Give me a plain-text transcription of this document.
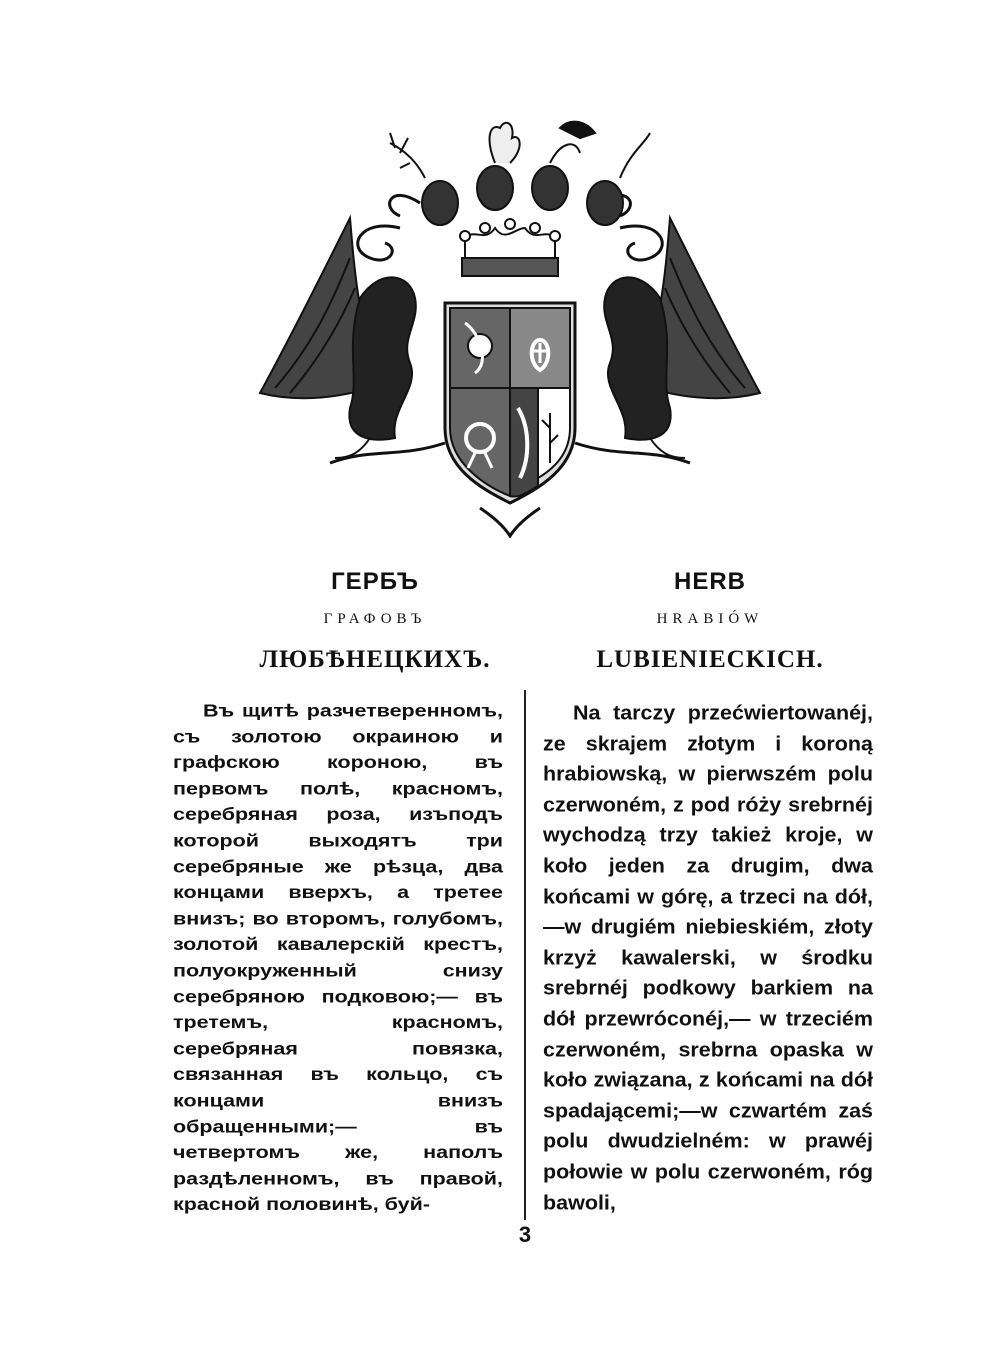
ГЕРБЪ
ГРАФОВЪ
ЛЮБѢНЕЦКИХЪ.
HERB
HRABIÓW
LUBIENIECKICH.

Въ щитѣ разчетверенномъ, съ золотою окраиною и графскою короною, въ первомъ полѣ, красномъ, серебряная роза, изъподъ которой выходятъ три серебряные же рѣзца, два концами вверхъ, а третее внизъ; во второмъ, голубомъ, золотой кавалерскій крестъ, полуокруженный снизу серебряною подковою;— въ третемъ, красномъ, серебряная повязка, связанная въ кольцо, съ концами внизъ обращенными;— въ четвертомъ же, наполъ раздѣленномъ, въ правой, красной половинѣ, буй-

Na tarczy przećwiertowanéj, ze skrajem złotym i koroną hrabiowską, w pierwszém polu czerwoném, z pod róży srebrnéj wychodzą trzy takież kroje, w koło jeden za drugim, dwa końcami w górę, a trzeci na dół,—w drugiém niebieskiém, złoty krzyż kawalerski, w środku srebrnéj podkowy barkiem na dół przewróconéj,— w trzeciém czerwoném, srebrna opaska w koło związana, z końcami na dół spadającemi;—w czwartém zaś polu dwudzielném: w prawéj połowie w polu czerwoném, róg bawoli,

3
